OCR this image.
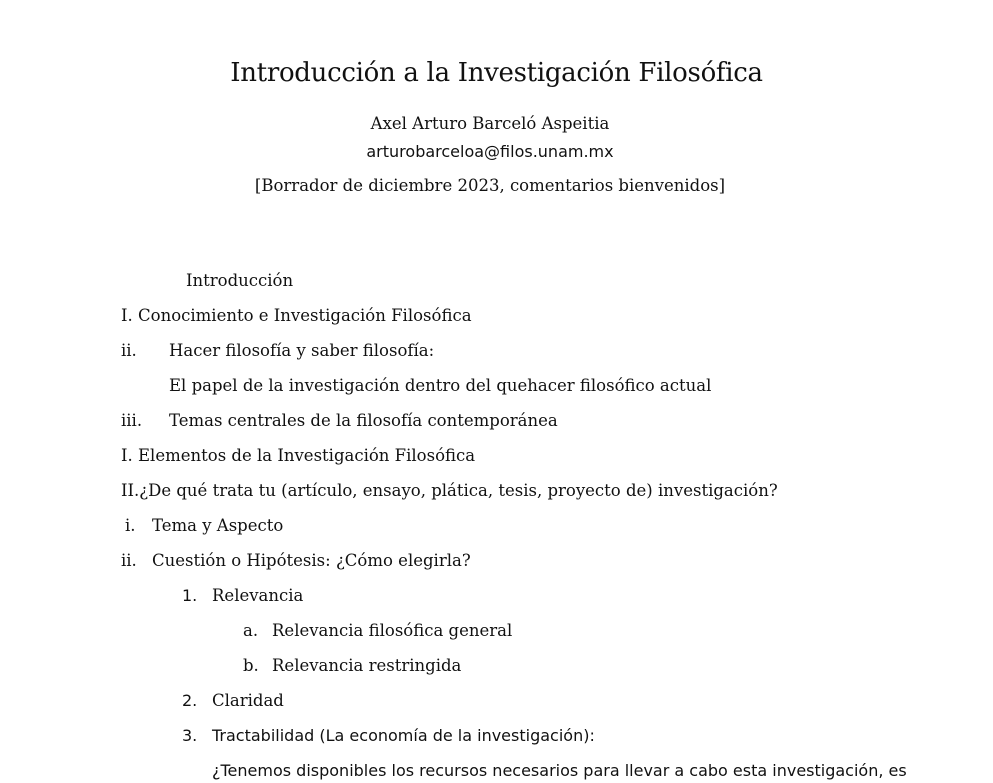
Introducción a la Investigación Filosófica
Axel Arturo Barceló Aspeitia
arturobarceloa@filos.unam.mx
[Borrador de diciembre 2023, comentarios bienvenidos]
Introducción
I. Conocimiento e Investigación Filosófica
ii. Hacer filosofía y saber filosofía:
El papel de la investigación dentro del quehacer filosófico actual
iii. Temas centrales de la filosofía contemporánea
I. Elementos de la Investigación Filosófica
II.¿De qué trata tu (artículo, ensayo, plática, tesis, proyecto de) investigación?
i. Tema y Aspecto
ii. Cuestión o Hipótesis: ¿Cómo elegirla?
1. Relevancia
a. Relevancia filosófica general
b. Relevancia restringida
2. Claridad
3. Tractabilidad (La economía de la investigación):
¿Tenemos disponibles los recursos necesarios para llevar a cabo esta investigación, es
